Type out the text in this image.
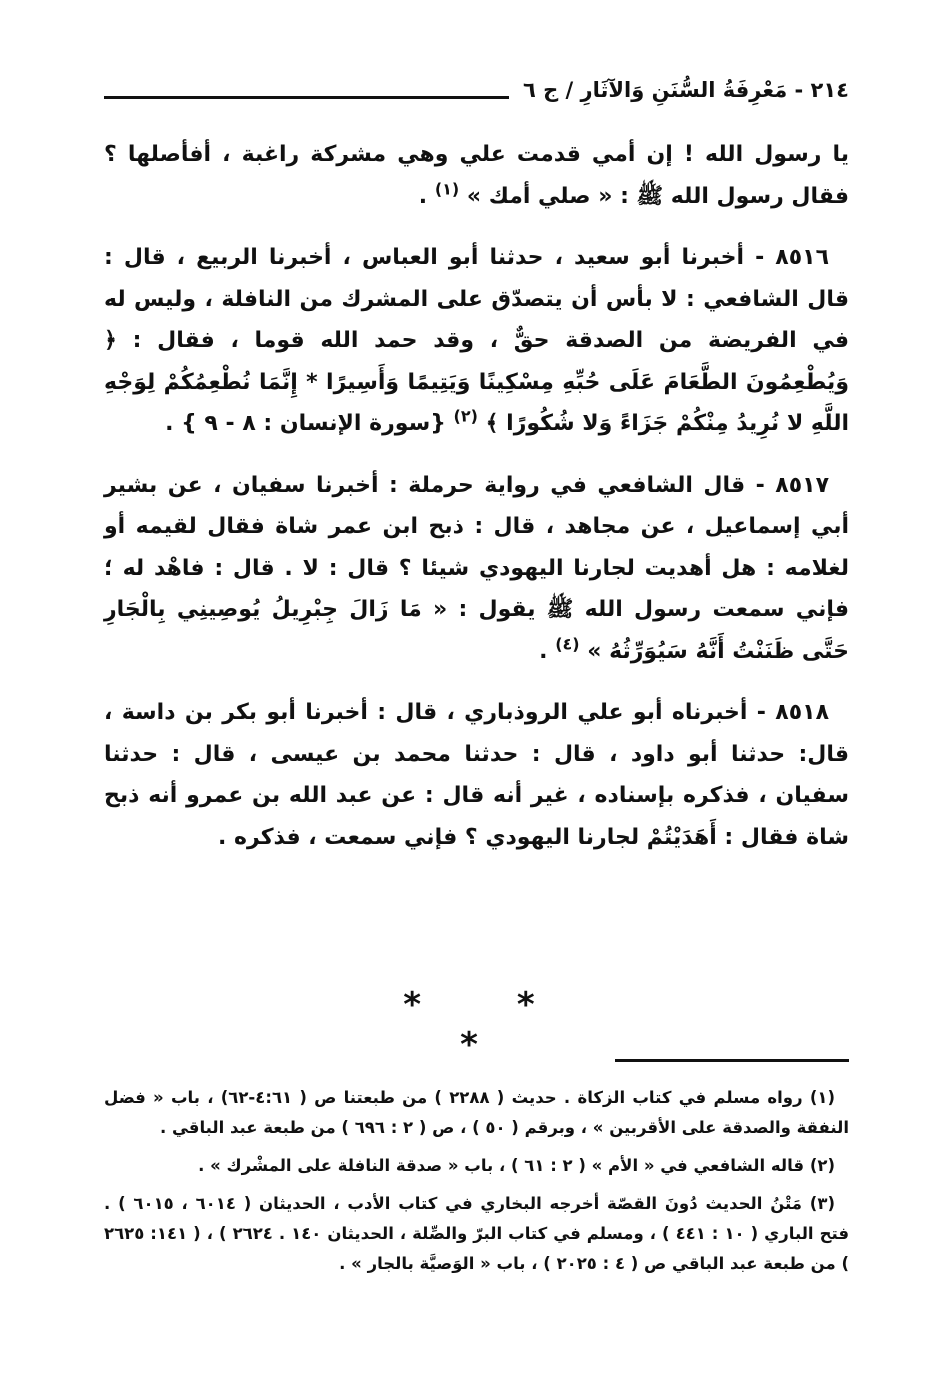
٢١٤ - مَعْرِفَةُ السُّنَنِ وَالآثَارِ / ج ٦

يا رسول الله ! إن أمي قدمت علي وهي مشركة راغبة ، أفأصلها ؟ فقال رسول الله ﷺ : « صلي أمك » $^{(١)}$ .

٨٥١٦ - أخبرنا أبو سعيد ، حدثنا أبو العباس ، أخبرنا الربيع ، قال : قال الشافعي : لا بأس أن يتصدّق على المشرك من النافلة ، وليس له في الفريضة من الصدقة حقٌّ ، وقد حمد الله قوما ، فقال : ﴿ وَيُطْعِمُونَ الطَّعَامَ عَلَى حُبِّهِ مِسْكِينًا وَيَتِيمًا وَأَسِيرًا * إِنَّمَا نُطْعِمُكُمْ لِوَجْهِ اللَّهِ لا نُرِيدُ مِنْكُمْ جَزَاءً وَلا شُكُورًا ﴾ $^{(٢)}$ {سورة الإنسان : ٨ - ٩ } .

٨٥١٧ - قال الشافعي في رواية حرملة : أخبرنا سفيان ، عن بشير أبي إسماعيل ، عن مجاهد ، قال : ذبح ابن عمر شاة فقال لقيمه أو لغلامه : هل أهديت لجارنا اليهودي شيئا ؟ قال : لا . قال : فاهْد له ؛ فإني سمعت رسول الله ﷺ يقول : « مَا زَالَ جِبْرِيلُ يُوصِينِي بِالْجَارِ حَتَّى ظَنَنْتُ أَنَّهُ سَيُوَرِّثُهُ » $^{(٤)}$ .

٨٥١٨ - أخبرناه أبو علي الروذباري ، قال : أخبرنا أبو بكر بن داسة ، قال: حدثنا أبو داود ، قال : حدثنا محمد بن عيسى ، قال : حدثنا سفيان ، فذكره بإسناده ، غير أنه قال : عن عبد الله بن عمرو أنه ذبح شاة فقال : أَهَدَيْتُمْ لجارنا اليهودي ؟ فإني سمعت ، فذكره .

* * *

(١) رواه مسلم في كتاب الزكاة . حديث ( ٢٢٨٨ ) من طبعتنا ص ( ٤:٦١-٦٢) ، باب « فضل النفقة والصدقة على الأقربين » ، وبرقم ( ٥٠ ) ، ص ( ٢ : ٦٩٦ ) من طبعة عبد الباقي .

(٢) قاله الشافعي في « الأم » ( ٢ : ٦١ ) ، باب « صدقة النافلة على المشْرك » .

(٣) مَتْنُ الحديث دُونَ القصّة أخرجه البخاري في كتاب الأدب ، الحديثان ( ٦٠١٤ ، ٦٠١٥ ) . فتح الباري ( ١٠ : ٤٤١ ) ، ومسلم في كتاب البرّ والصِّلة ، الحديثان ١٤٠ . ٢٦٢٤ ) ، ( ١٤١: ٢٦٢٥ ) من طبعة عبد الباقي ص ( ٤ : ٢٠٢٥ ) ، باب « الوَصيَّة بالجار » .
